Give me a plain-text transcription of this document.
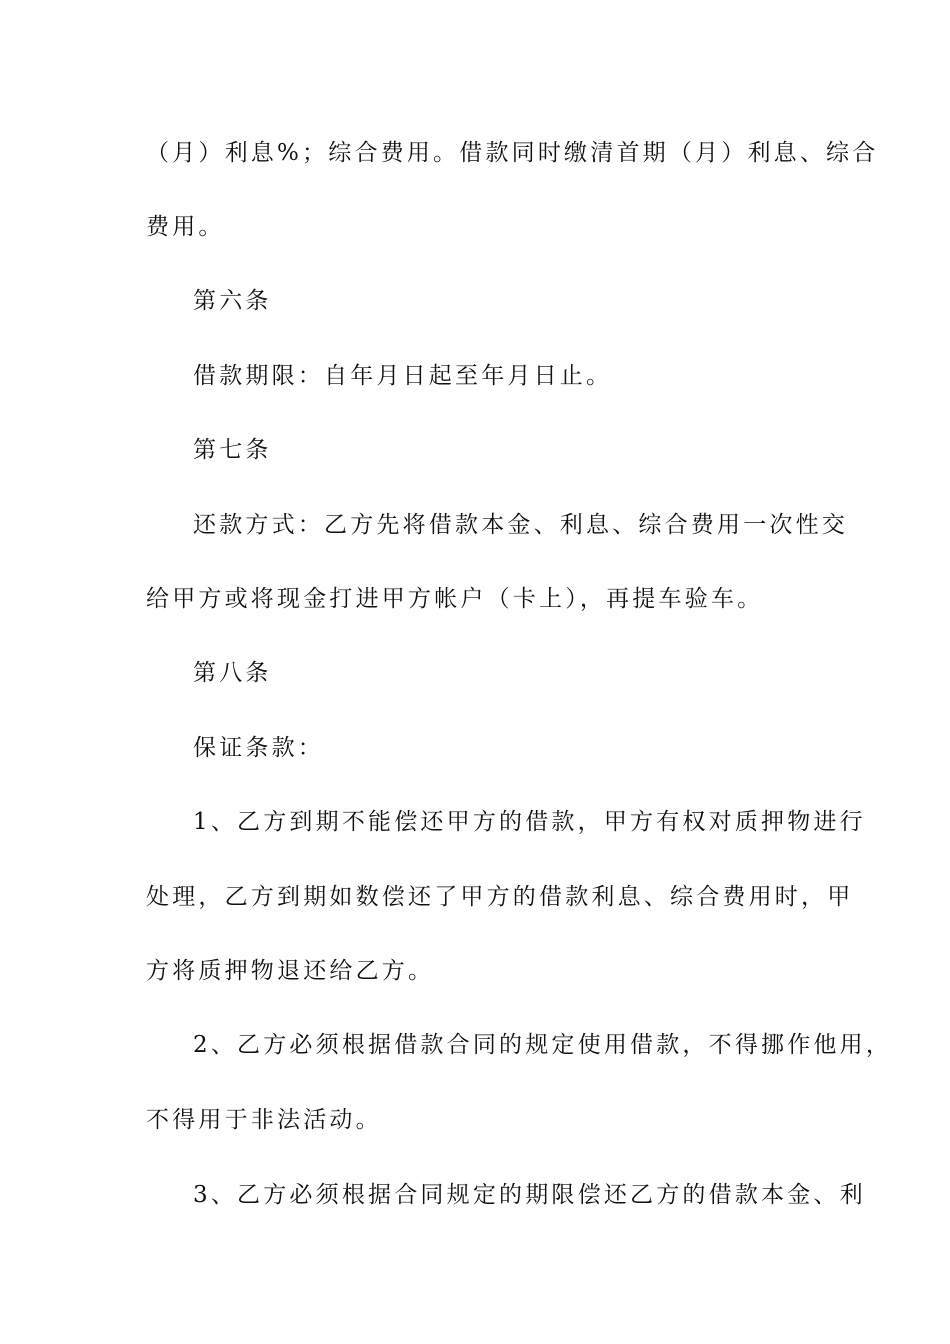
（月）利息%；综合费用。借款同时缴清首期（月）利息、综合
费用。
第六条
借款期限：自年月日起至年月日止。
第七条
还款方式：乙方先将借款本金、利息、综合费用一次性交
给甲方或将现金打进甲方帐户（卡上），再提车验车。
第八条
保证条款：
1、乙方到期不能偿还甲方的借款，甲方有权对质押物进行
处理，乙方到期如数偿还了甲方的借款利息、综合费用时，甲
方将质押物退还给乙方。
2、乙方必须根据借款合同的规定使用借款，不得挪作他用，
不得用于非法活动。
3、乙方必须根据合同规定的期限偿还乙方的借款本金、利
